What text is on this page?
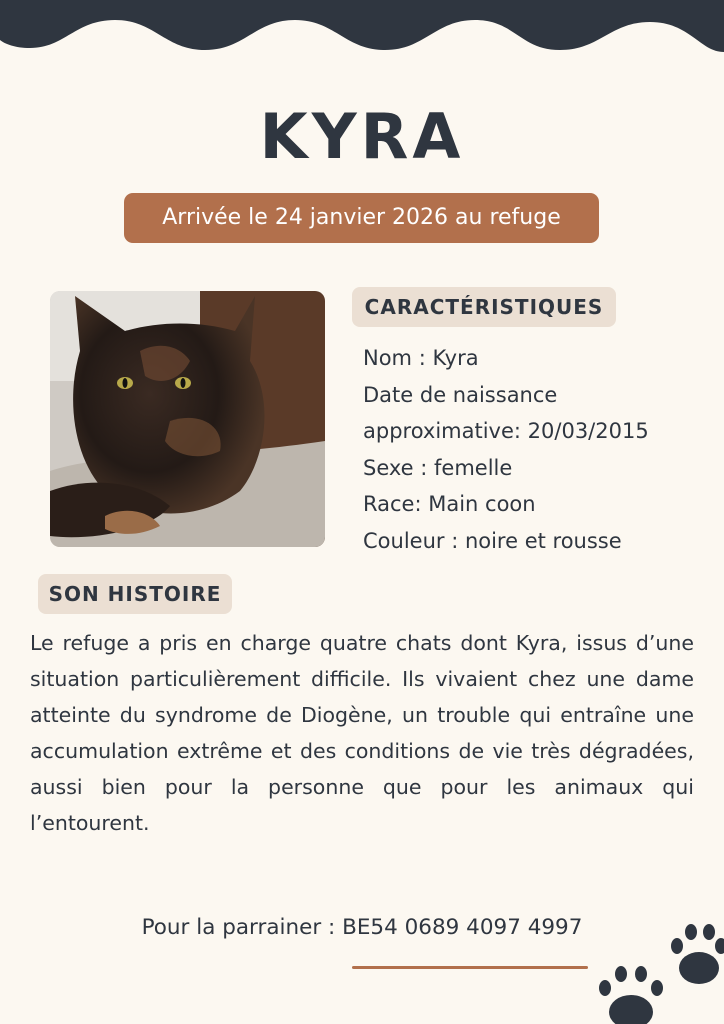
KYRA
Arrivée le 24 janvier 2026 au refuge
CARACTÉRISTIQUES
Nom : Kyra
Date de naissance
approximative: 20/03/2015
Sexe : femelle
Race: Main coon
Couleur : noire et rousse
SON HISTOIRE
Le refuge a pris en charge quatre chats dont Kyra, issus d’une situation particulièrement difficile. Ils vivaient chez une dame atteinte du syndrome de Diogène, un trouble qui entraîne une accumulation extrême et des conditions de vie très dégradées, aussi bien pour la personne que pour les animaux qui l’entourent.
Pour la parrainer : BE54 0689 4097 4997
